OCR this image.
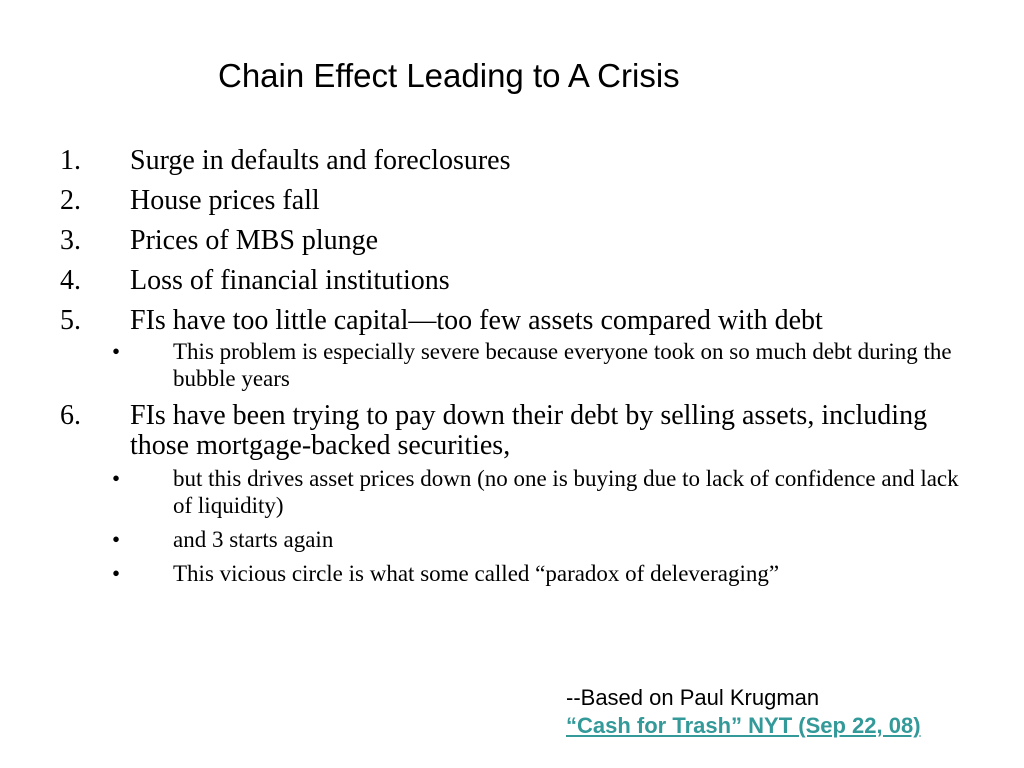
Chain Effect Leading to A Crisis
1. Surge in defaults and foreclosures
2. House prices fall
3. Prices of MBS plunge
4. Loss of financial institutions
5. FIs have too little capital—too few assets compared with debt
• This problem is especially severe because everyone took on so much debt during the bubble years
6. FIs have been trying to pay down their debt by selling assets, including those mortgage-backed securities,
• but this drives asset prices down (no one is buying due to lack of confidence and lack of liquidity)
• and 3 starts again
• This vicious circle is what some called “paradox of deleveraging”
--Based on Paul Krugman
“Cash for Trash” NYT (Sep 22, 08)
